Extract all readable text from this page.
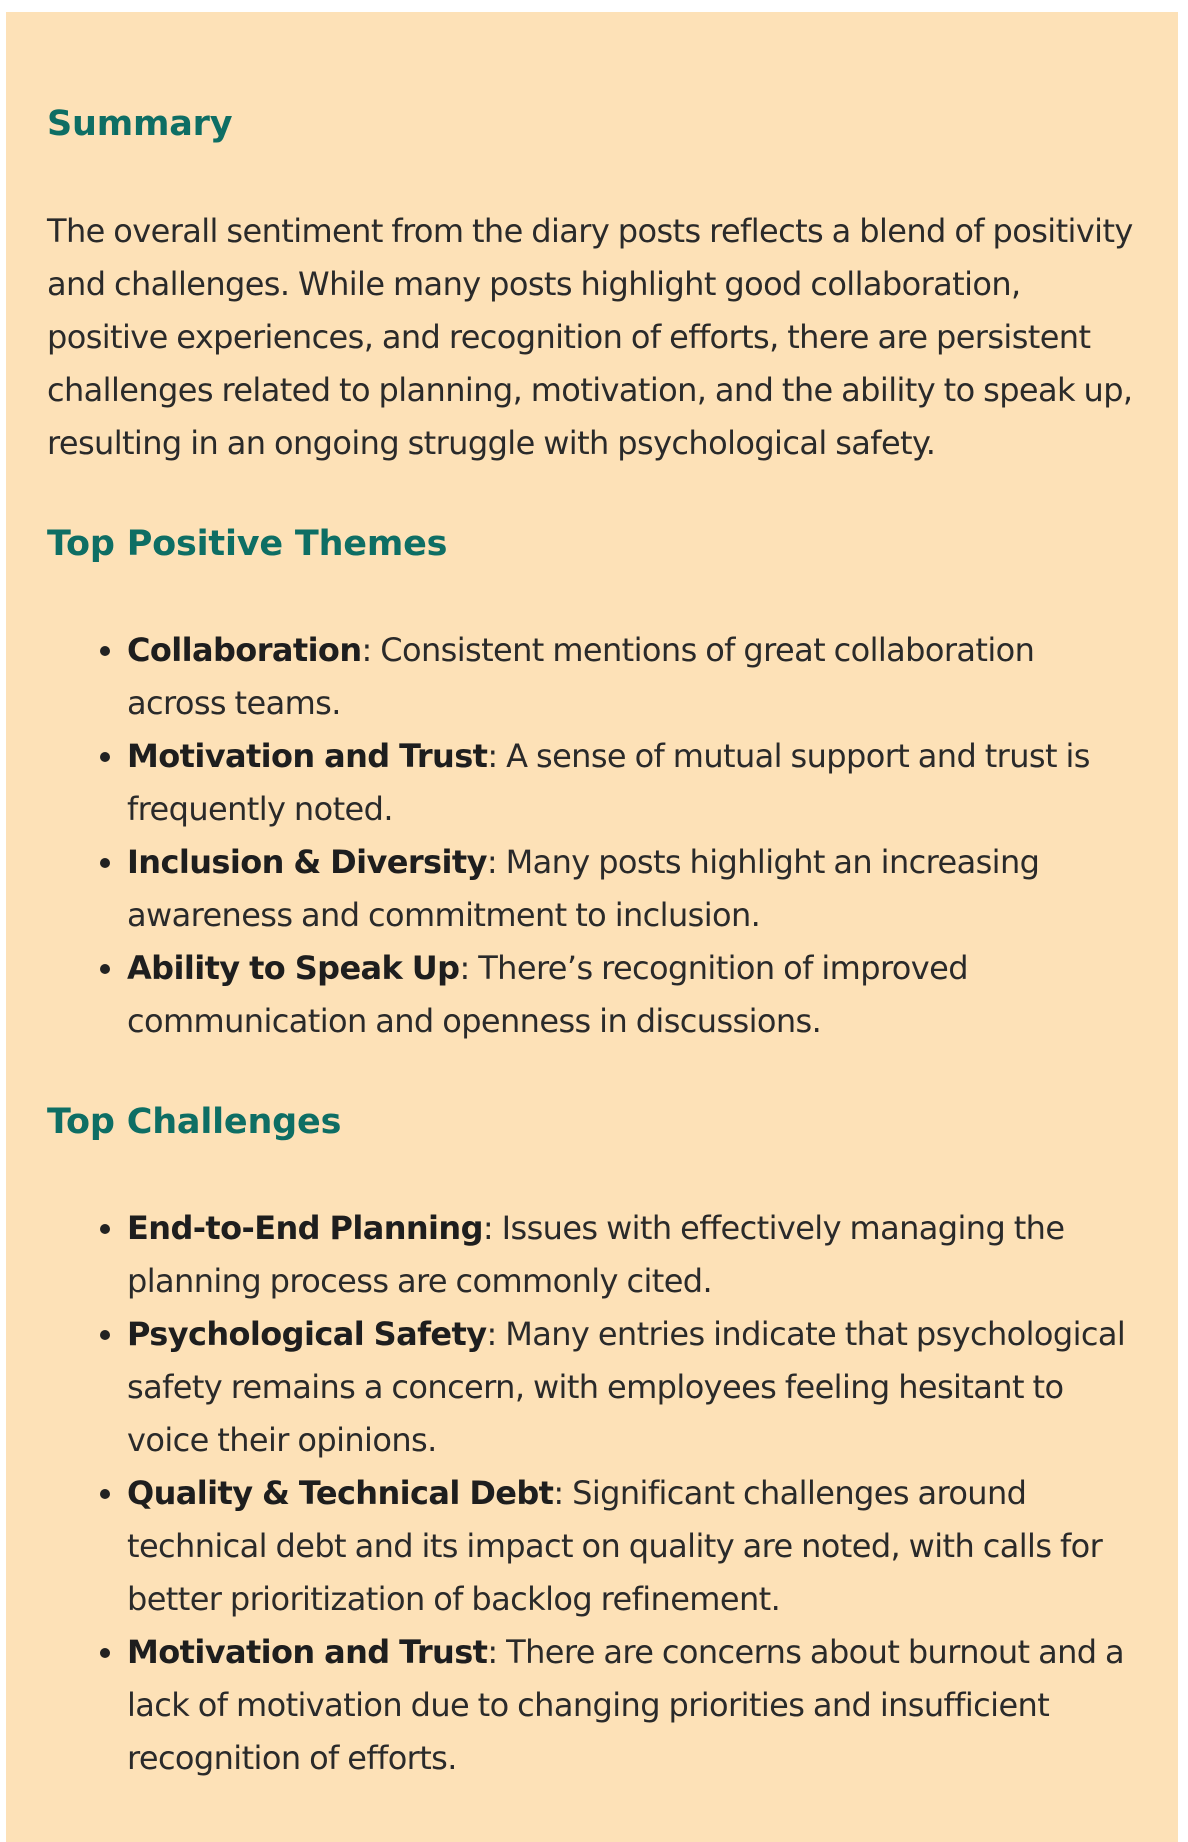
Summary

The overall sentiment from the diary posts reflects a blend of positivity and challenges. While many posts highlight good collaboration, positive experiences, and recognition of efforts, there are persistent challenges related to planning, motivation, and the ability to speak up, resulting in an ongoing struggle with psychological safety.

Top Positive Themes
Collaboration: Consistent mentions of great collaboration across teams.
Motivation and Trust: A sense of mutual support and trust is frequently noted.
Inclusion & Diversity: Many posts highlight an increasing awareness and commitment to inclusion.
Ability to Speak Up: There’s recognition of improved communication and openness in discussions.
Top Challenges
End-to-End Planning: Issues with effectively managing the planning process are commonly cited.
Psychological Safety: Many entries indicate that psychological safety remains a concern, with employees feeling hesitant to voice their opinions.
Quality & Technical Debt: Significant challenges around technical debt and its impact on quality are noted, with calls for better prioritization of backlog refinement.
Motivation and Trust: There are concerns about burnout and a lack of motivation due to changing priorities and insufficient recognition of efforts.
